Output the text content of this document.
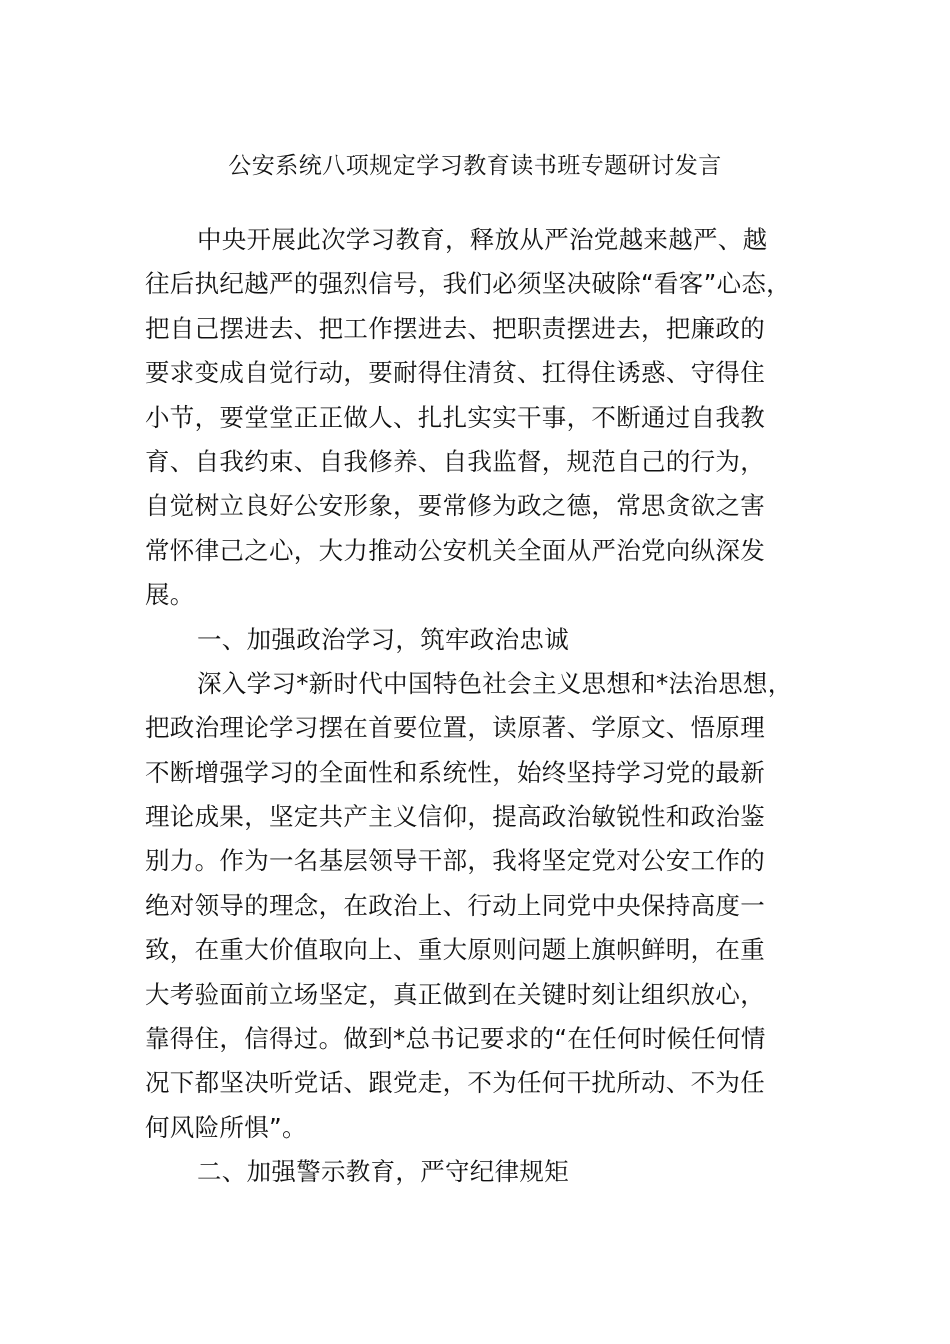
公安系统八项规定学习教育读书班专题研讨发言
中央开展此次学习教育，释放从严治党越来越严、越
往后执纪越严的强烈信号，我们必须坚决破除“看客”心态，
把自己摆进去、把工作摆进去、把职责摆进去，把廉政的
要求变成自觉行动，要耐得住清贫、扛得住诱惑、守得住
小节，要堂堂正正做人、扎扎实实干事，不断通过自我教
育、自我约束、自我修养、自我监督，规范自己的行为，
自觉树立良好公安形象，要常修为政之德，常思贪欲之害
常怀律己之心，大力推动公安机关全面从严治党向纵深发
展。
一、加强政治学习，筑牢政治忠诚
深入学习*新时代中国特色社会主义思想和*法治思想，
把政治理论学习摆在首要位置，读原著、学原文、悟原理
不断增强学习的全面性和系统性，始终坚持学习党的最新
理论成果，坚定共产主义信仰，提高政治敏锐性和政治鉴
别力。作为一名基层领导干部，我将坚定党对公安工作的
绝对领导的理念，在政治上、行动上同党中央保持高度一
致，在重大价值取向上、重大原则问题上旗帜鲜明，在重
大考验面前立场坚定，真正做到在关键时刻让组织放心，
靠得住，信得过。做到*总书记要求的“在任何时候任何情
况下都坚决听党话、跟党走，不为任何干扰所动、不为任
何风险所惧”。
二、加强警示教育，严守纪律规矩
